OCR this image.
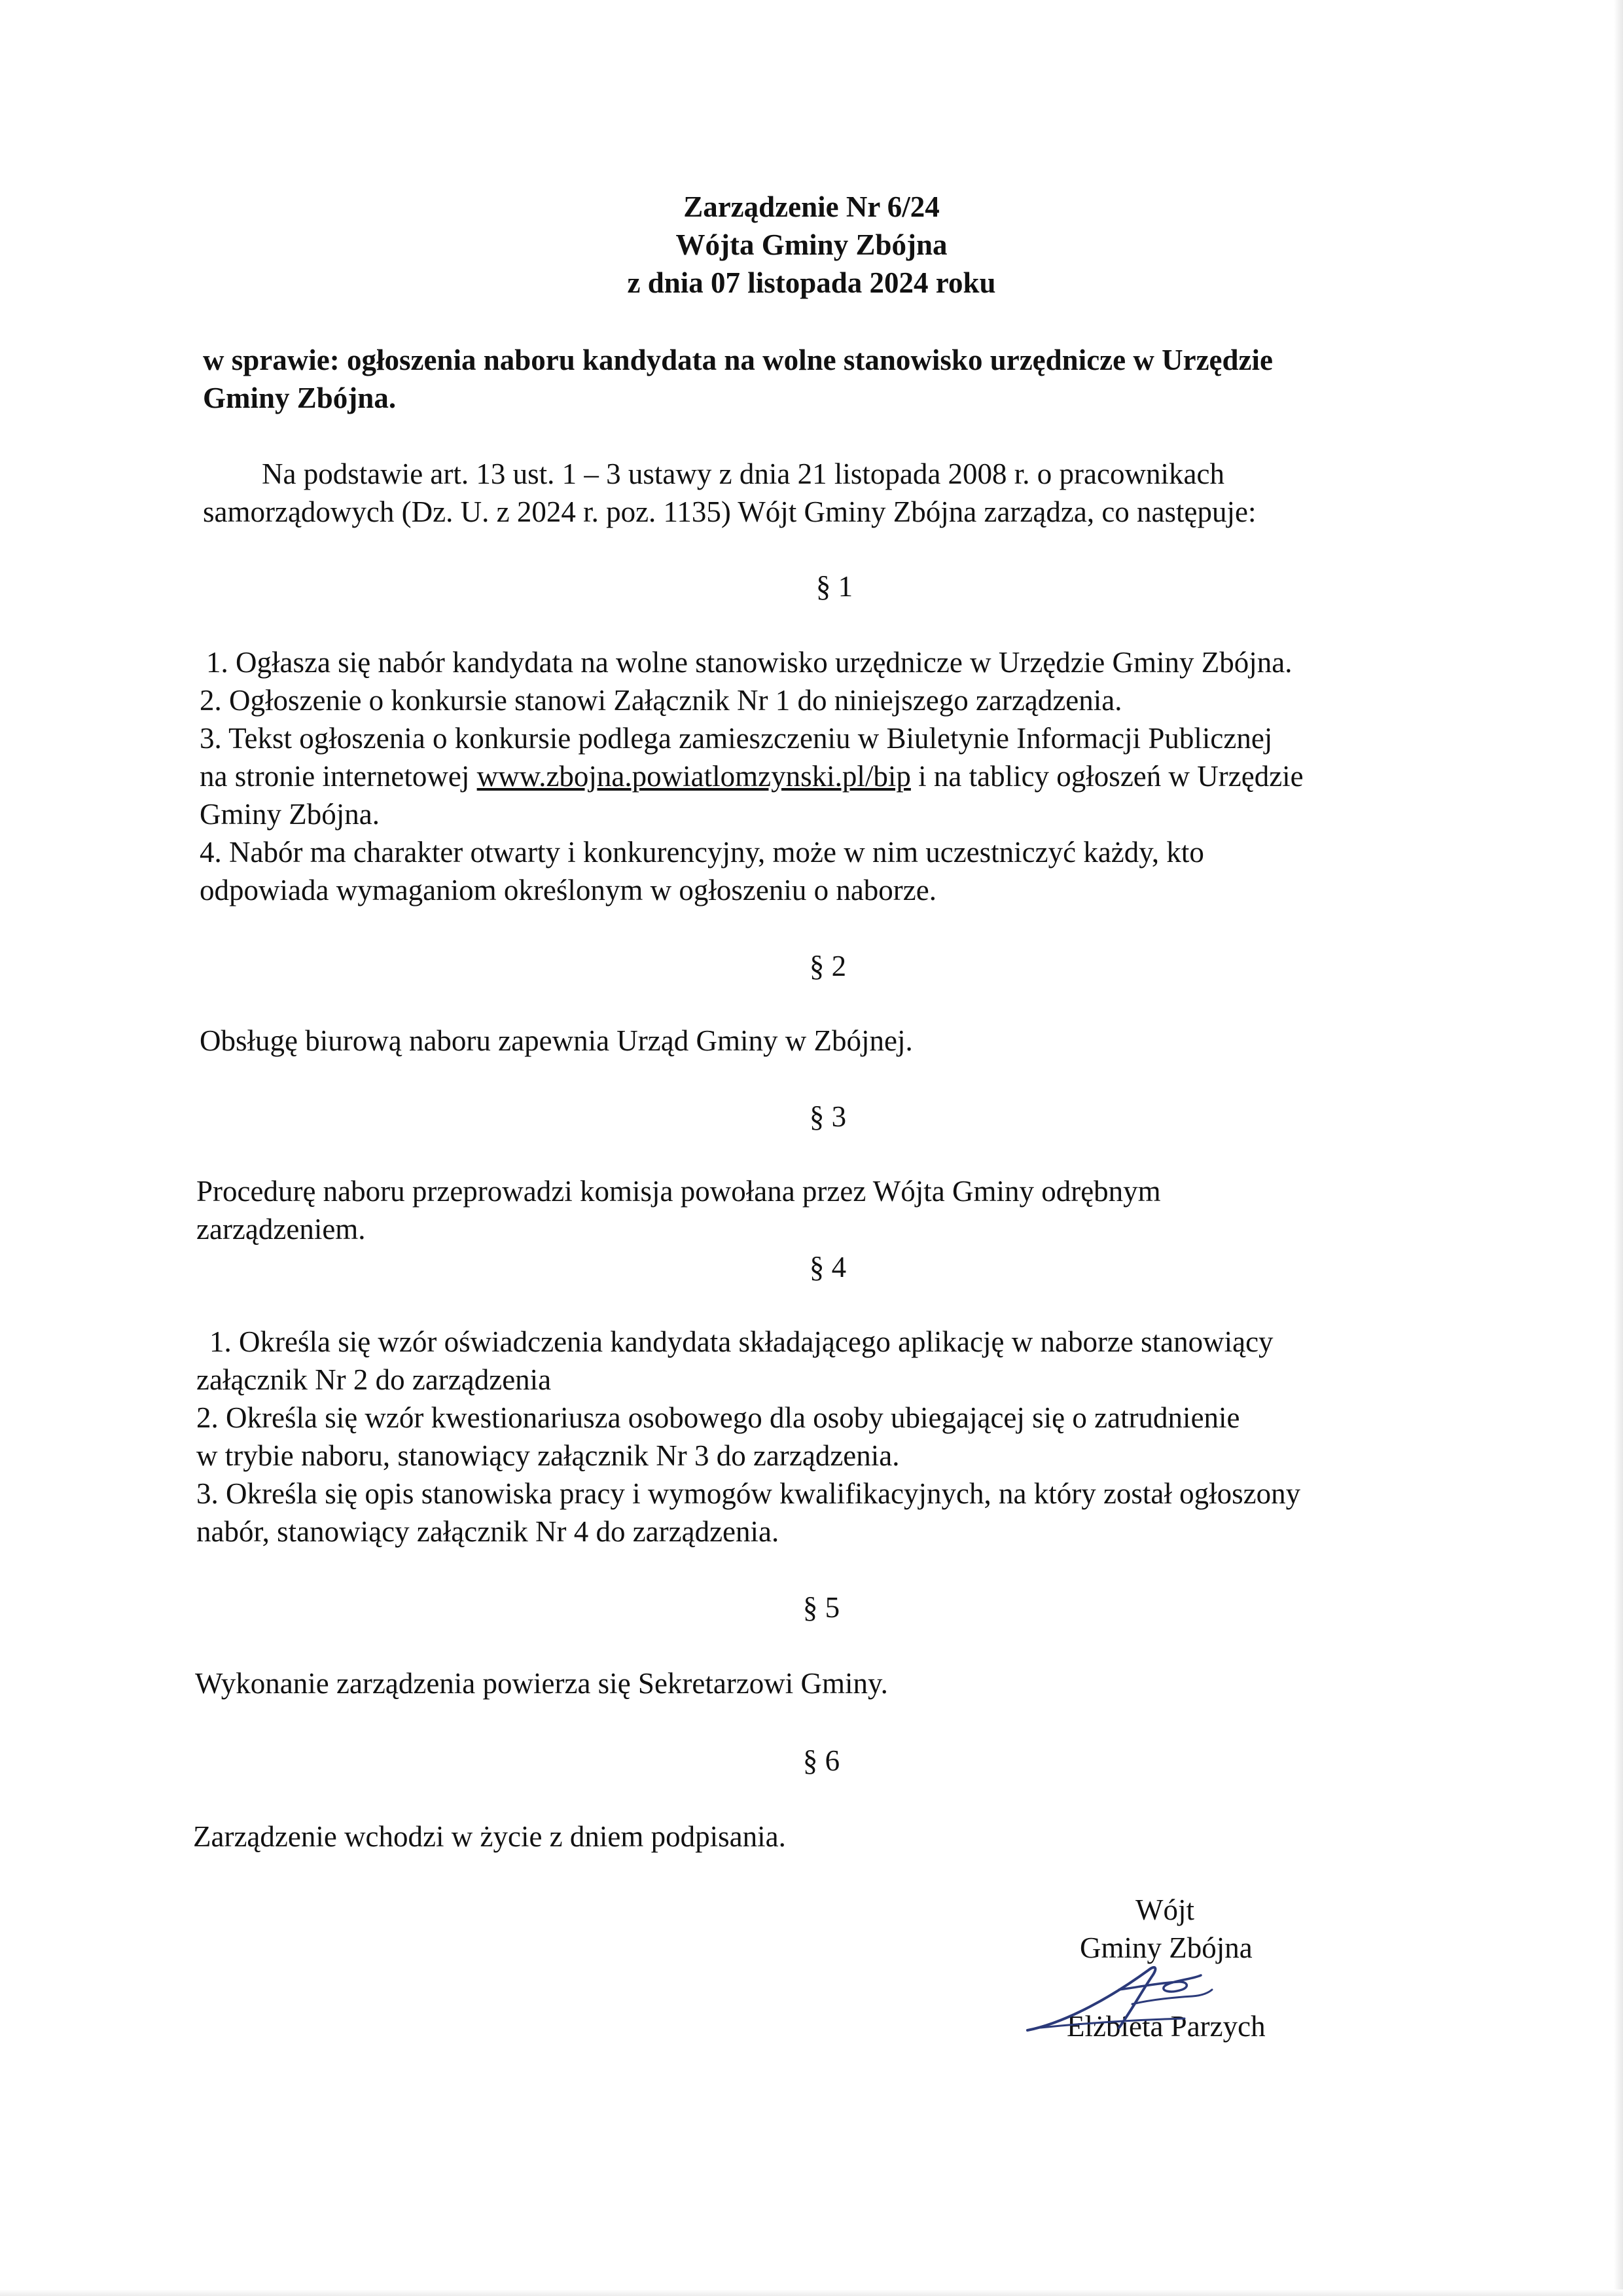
Zarządzenie Nr 6/24
Wójta Gminy Zbójna
z dnia 07 listopada 2024 roku
w sprawie: ogłoszenia naboru kandydata na wolne stanowisko urzędnicze w Urzędzie
Gminy Zbójna.
Na podstawie art. 13 ust. 1 – 3 ustawy z dnia 21 listopada 2008 r. o pracownikach
samorządowych (Dz. U. z 2024 r. poz. 1135) Wójt Gminy Zbójna zarządza, co następuje:
§ 1
1. Ogłasza się nabór kandydata na wolne stanowisko urzędnicze w Urzędzie Gminy Zbójna.
2. Ogłoszenie o konkursie stanowi Załącznik Nr 1 do niniejszego zarządzenia.
3. Tekst ogłoszenia o konkursie podlega zamieszczeniu w Biuletynie Informacji Publicznej
na stronie internetowej www.zbojna.powiatlomzynski.pl/bip i na tablicy ogłoszeń w Urzędzie
Gminy Zbójna.
4. Nabór ma charakter otwarty i konkurencyjny, może w nim uczestniczyć każdy, kto
odpowiada wymaganiom określonym w ogłoszeniu o naborze.
§ 2
Obsługę biurową naboru zapewnia Urząd Gminy w Zbójnej.
§ 3
Procedurę naboru przeprowadzi komisja powołana przez Wójta Gminy odrębnym
zarządzeniem.
§ 4
1. Określa się wzór oświadczenia kandydata składającego aplikację w naborze stanowiący
załącznik Nr 2 do zarządzenia
2. Określa się wzór kwestionariusza osobowego dla osoby ubiegającej się o zatrudnienie
w trybie naboru, stanowiący załącznik Nr 3 do zarządzenia.
3. Określa się opis stanowiska pracy i wymogów kwalifikacyjnych, na który został ogłoszony
nabór, stanowiący załącznik Nr 4 do zarządzenia.
§ 5
Wykonanie zarządzenia powierza się Sekretarzowi Gminy.
§ 6
Zarządzenie wchodzi w życie z dniem podpisania.
Wójt
Gminy Zbójna
Elżbieta Parzych
